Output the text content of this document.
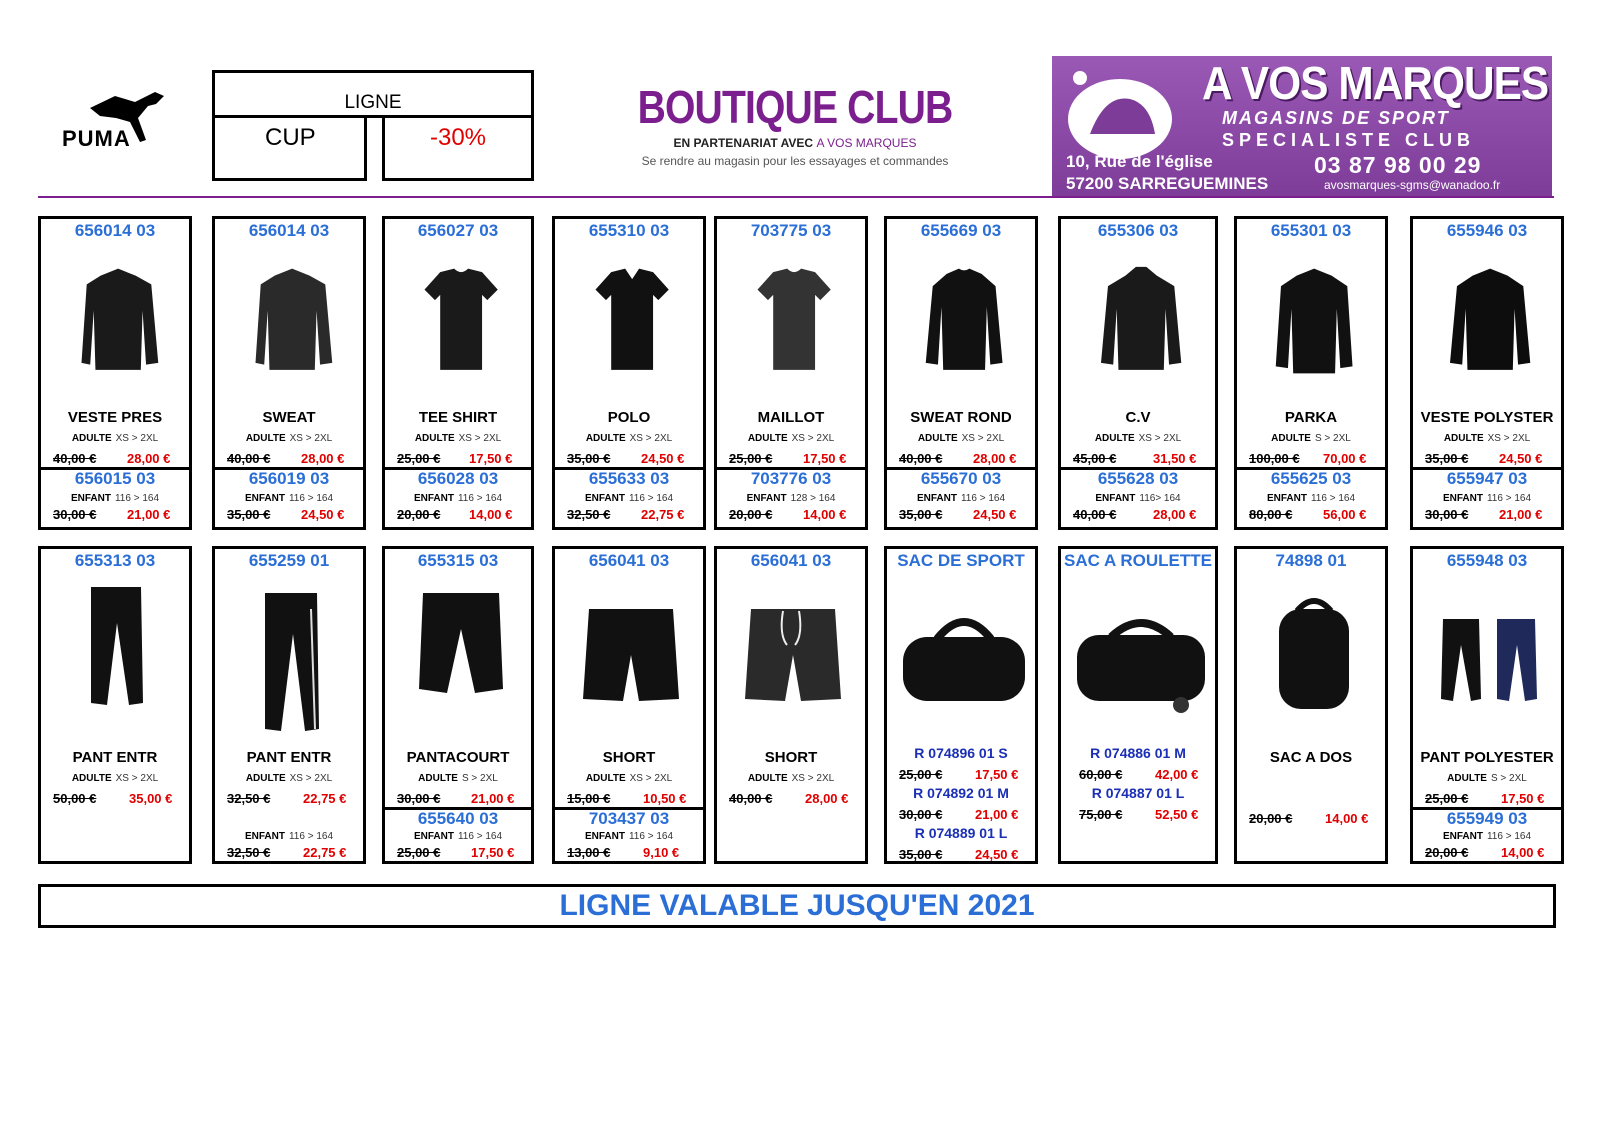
PUMA
LIGNE
CUP	-30%
BOUTIQUE CLUB
EN PARTENARIAT AVEC A VOS MARQUES
Se rendre au magasin pour les essayages et commandes
A VOS MARQUES
MAGASINS DE SPORT
SPECIALISTE CLUB
10, Rue de l'église
57200 SARREGUEMINES
03 87 98 00 29
avosmarques-sgms@wanadoo.fr
656014 03
VESTE PRES
ADULTE XS > 2XL
40,00 € 28,00 €
656015 03
ENFANT 116 > 164
30,00 € 21,00 €
656014 03
SWEAT
ADULTE XS > 2XL
40,00 € 28,00 €
656019 03
ENFANT 116 > 164
35,00 € 24,50 €
656027 03
TEE SHIRT
ADULTE XS > 2XL
25,00 € 17,50 €
656028 03
ENFANT 116 > 164
20,00 € 14,00 €
655310 03
POLO
ADULTE XS > 2XL
35,00 € 24,50 €
655633 03
ENFANT 116 > 164
32,50 € 22,75 €
703775 03
MAILLOT
ADULTE XS > 2XL
25,00 € 17,50 €
703776 03
ENFANT 128 > 164
20,00 € 14,00 €
655669 03
SWEAT ROND
ADULTE XS > 2XL
40,00 € 28,00 €
655670 03
ENFANT 116 > 164
35,00 € 24,50 €
655306 03
C.V
ADULTE XS > 2XL
45,00 €	31,50 €
655628 03
ENFANT 116> 164
40,00 €	28,00 €
655301 03
PARKA
ADULTE S > 2XL
100,00 € 70,00 €
655625 03
ENFANT 116 > 164
80,00 € 56,00 €
655946 03
VESTE POLYSTER
ADULTE XS > 2XL
35,00 € 24,50 €
655947 03
ENFANT 116 > 164
30,00 € 21,00 €
655313 03
PANT ENTR
ADULTE XS > 2XL
50,00 €	35,00 €
655259 01
PANT ENTR
ADULTE XS > 2XL
32,50 €	22,75 €
ENFANT 116 > 164
32,50 €	22,75 €
655315 03
PANTACOURT
ADULTE S > 2XL
30,00 € 21,00 €
655640 03
ENFANT 116 > 164
25,00 € 17,50 €
656041 03
SHORT
ADULTE XS > 2XL
15,00 €	10,50 €
703437 03
ENFANT 116 > 164
13,00 €	9,10 €
656041 03
SHORT
ADULTE XS > 2XL
40,00 €	28,00 €
SAC DE SPORT
R 074896 01 S
25,00 €	17,50 €
R 074892 01 M
30,00 €	21,00 €
R 074889 01 L
35,00 €	24,50 €
SAC A ROULETTE
R 074886 01 M
60,00 €	42,00 €
R 074887 01 L
75,00 €	52,50 €
74898 01
SAC A DOS
20,00 €	14,00 €
655948 03
PANT POLYESTER
ADULTE S > 2XL
25,00 €	17,50 €
655949 03
ENFANT 116 > 164
20,00 €	14,00 €
LIGNE VALABLE JUSQU'EN 2021
